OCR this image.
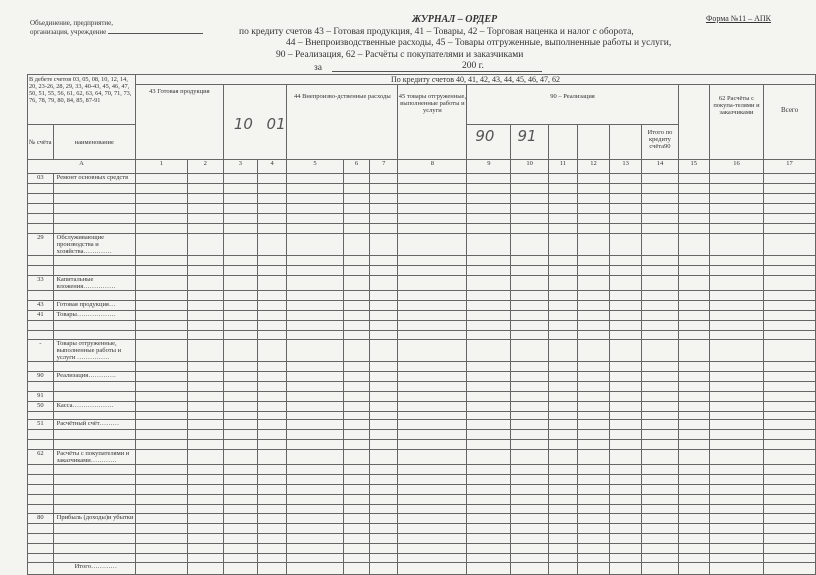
Объединение, предприятие,
организация, учреждение
Форма №11 – АПК
ЖУРНАЛ – ОРДЕР
по кредиту счетов 43 – Готовая продукция, 41 – Товары, 42 – Торговая наценка и налог с оборота,
44 – Внепроизводственные расходы, 45 – Товары отгруженные, выполненные работы и услуги,
90 – Реализация, 62 – Расчёты с покупателями и заказчиками
за	200 г.
В дебете счетов 03, 05, 08, 10, 12, 14, 20, 23-26, 28, 29, 33, 40-43, 45, 46, 47, 50, 51, 55, 56, 61, 62, 63, 64, 70, 71, 73, 76, 78, 79, 80, 84, 85, 87-91		По кредиту счетов 40, 41, 42, 43, 44, 45, 46, 47, 62																
		43 Готовая продукция		10 01		44 Внепроизво-дственные расходы			45 товары отгруженные, выполненные работы и услуги	90 – Реализация							62 Расчёты с покупа-телями и заказчиками	Всего
№ счёта	наименование									90	91				Итого по кредиту счёта90			
А		1	2	3	4	5	6	7	8	9	10	11	12	13	14	15	16	17
03	Ремонт основных средств																	

29	Обслуживающие производства и хозяйства………….																	

33	Капитальные вложения……………																	

43	Готовая продукция…																	
41	Товары………………																	

-	Товары отгруженные, выполненные работы и услуги ……………																	

90	Реализация………….																	

91																		
50	Касса……………….																	

51	Расчётный счёт………																	

62	Расчёты с покупателями и заказчиками…………																	

80	Прибыль (доходы)и убытки																	

	Итого…………																	
